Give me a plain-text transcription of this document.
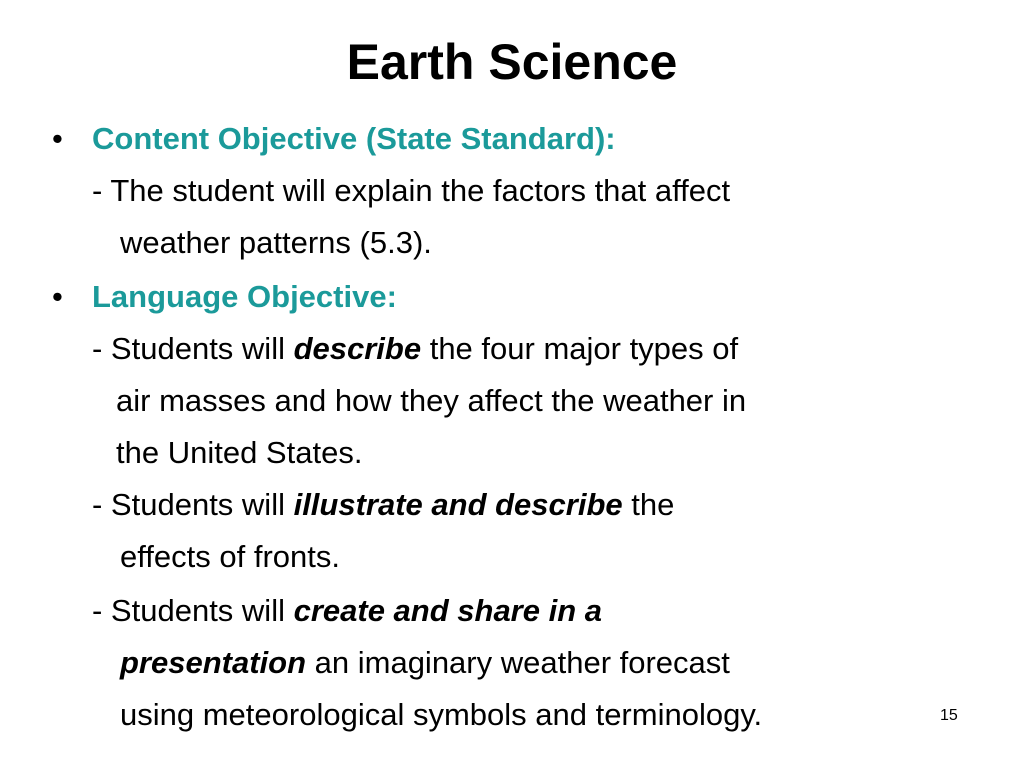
Earth Science
• Content Objective (State Standard):
- The student will explain the factors that affect
weather patterns (5.3).
• Language Objective:
- Students will describe the four major types of
air masses and how they affect the weather in
the United States.
- Students will illustrate and describe the
effects of fronts.
- Students will create and share in a
presentation an imaginary weather forecast
using meteorological symbols and terminology.	15
